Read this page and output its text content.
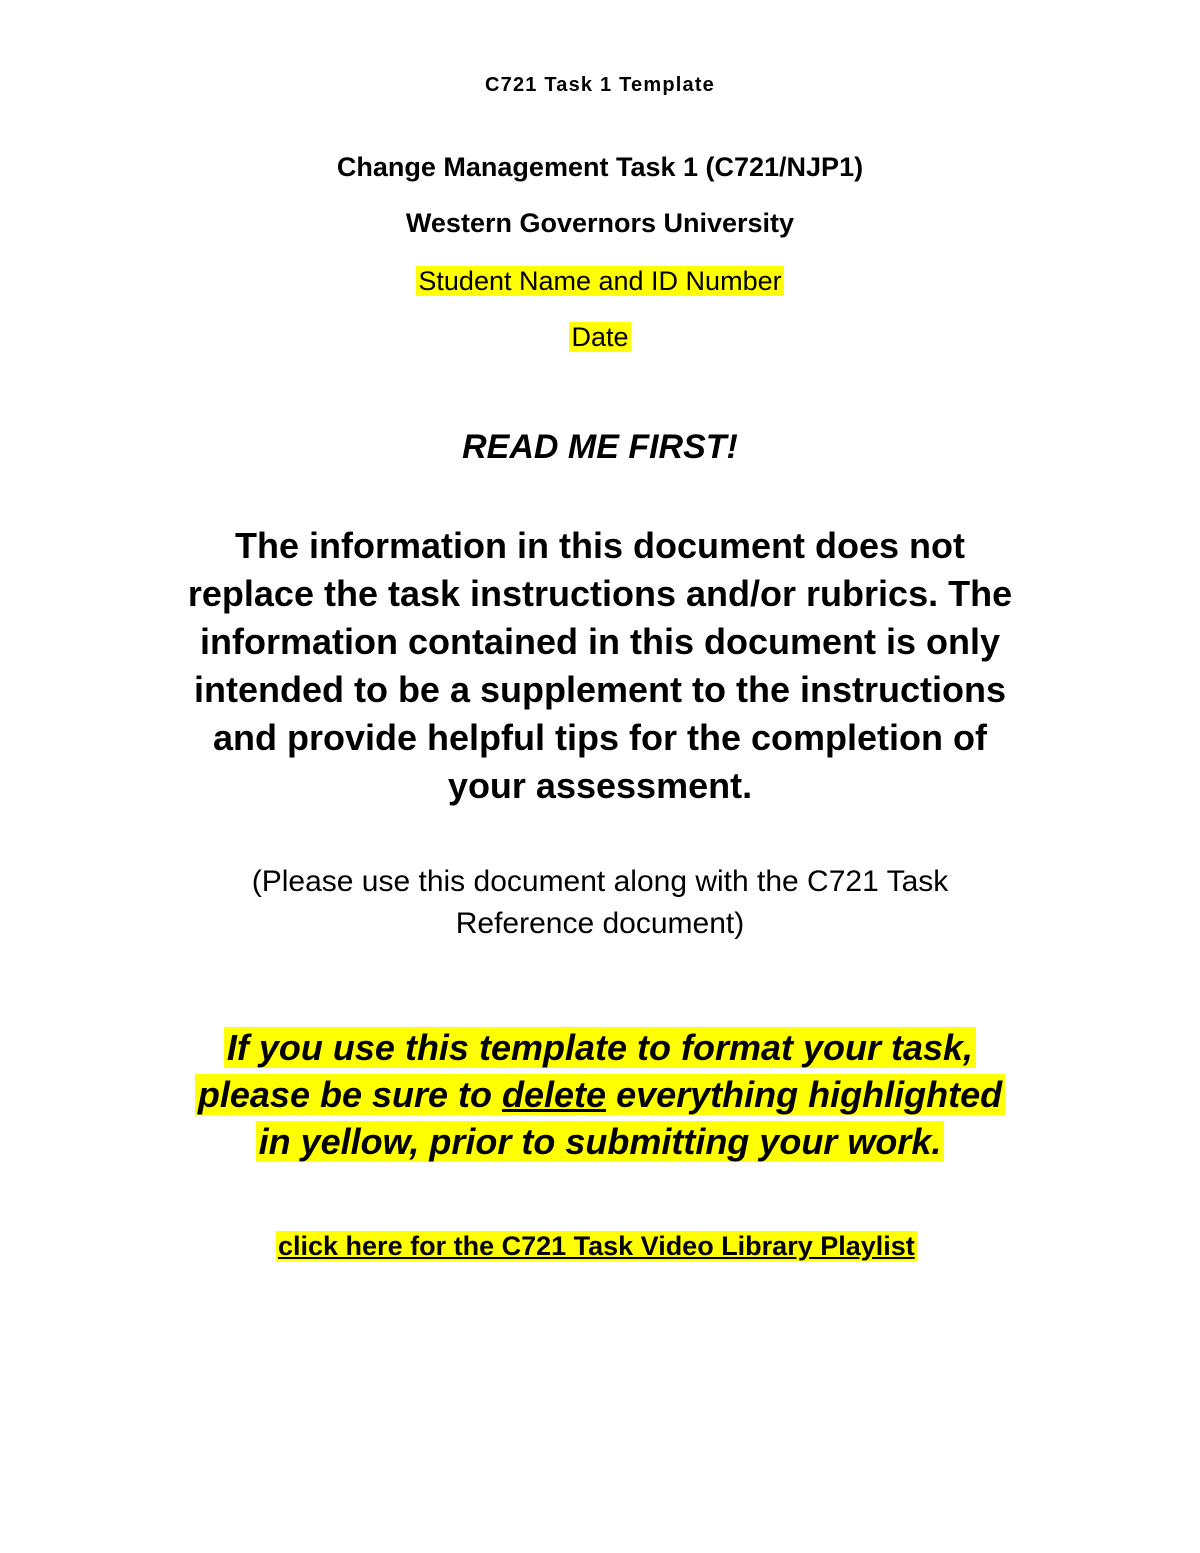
C721 Task 1 Template
Change Management Task 1 (C721/NJP1)
Western Governors University
Student Name and ID Number
Date
READ ME FIRST!
The information in this document does not
replace the task instructions and/or rubrics. The
information contained in this document is only
intended to be a supplement to the instructions
and provide helpful tips for the completion of
your assessment.
(Please use this document along with the C721 Task
Reference document)
If you use this template to format your task,
please be sure to delete everything highlighted
in yellow, prior to submitting your work.
click here for the C721 Task Video Library Playlist
